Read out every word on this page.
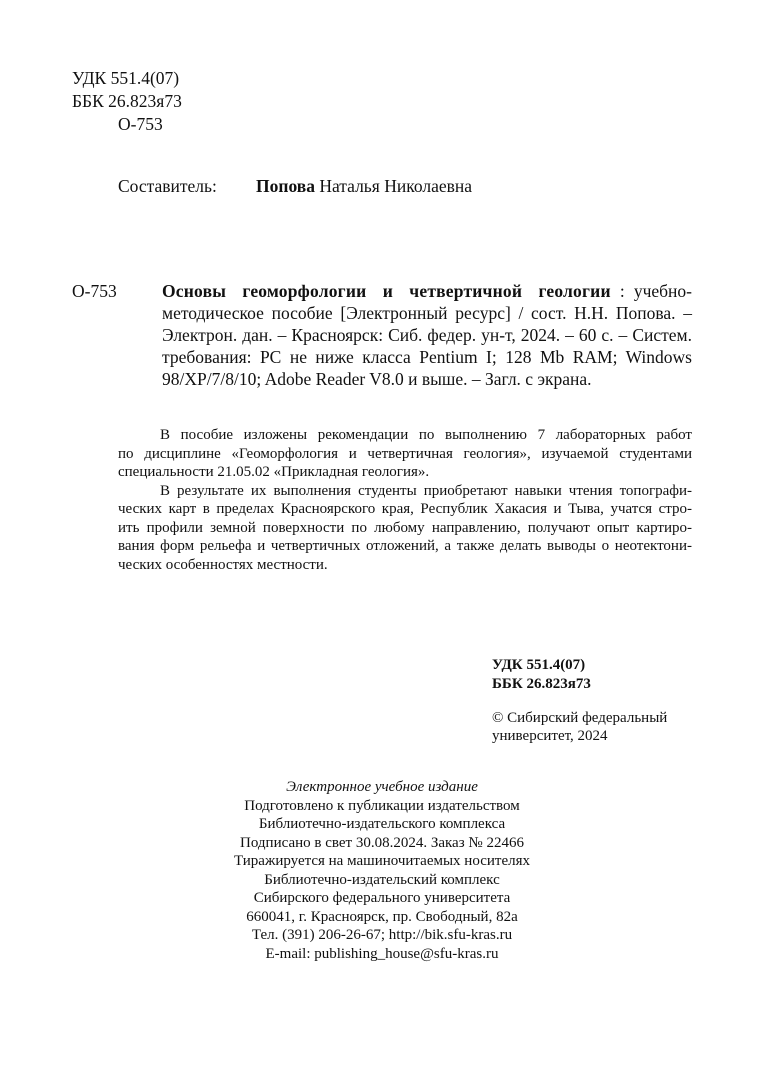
УДК 551.4(07)
ББК 26.823я73
О-753
Составитель: Попова Наталья Николаевна
О-753	Основы геоморфологии и четвертичной геологии : учебно-
методическое пособие [Электронный ресурс] / сост. Н.Н. Попова. –
Электрон. дан. – Красноярск: Сиб. федер. ун-т, 2024. – 60 с. – Систем.
требования: PC не ниже класса Pentium I; 128 Mb RAM; Windows
98/XP/7/8/10; Adobe Reader V8.0 и выше. – Загл. с экрана.
В пособие изложены рекомендации по выполнению 7 лабораторных работ
по дисциплине «Геоморфология и четвертичная геология», изучаемой студентами
специальности 21.05.02 «Прикладная геология».
В результате их выполнения студенты приобретают навыки чтения топографи-
ческих карт в пределах Красноярского края, Республик Хакасия и Тыва, учатся стро-
ить профили земной поверхности по любому направлению, получают опыт картиро-
вания форм рельефа и четвертичных отложений, а также делать выводы о неотектони-
ческих особенностях местности.
УДК 551.4(07)
ББК 26.823я73
© Сибирский федеральный
университет, 2024
Электронное учебное издание
Подготовлено к публикации издательством
Библиотечно-издательского комплекса
Подписано в свет 30.08.2024. Заказ № 22466
Тиражируется на машиночитаемых носителях
Библиотечно-издательский комплекс
Сибирского федерального университета
660041, г. Красноярск, пр. Свободный, 82а
Тел. (391) 206-26-67; http://bik.sfu-kras.ru
E-mail: publishing_house@sfu-kras.ru
